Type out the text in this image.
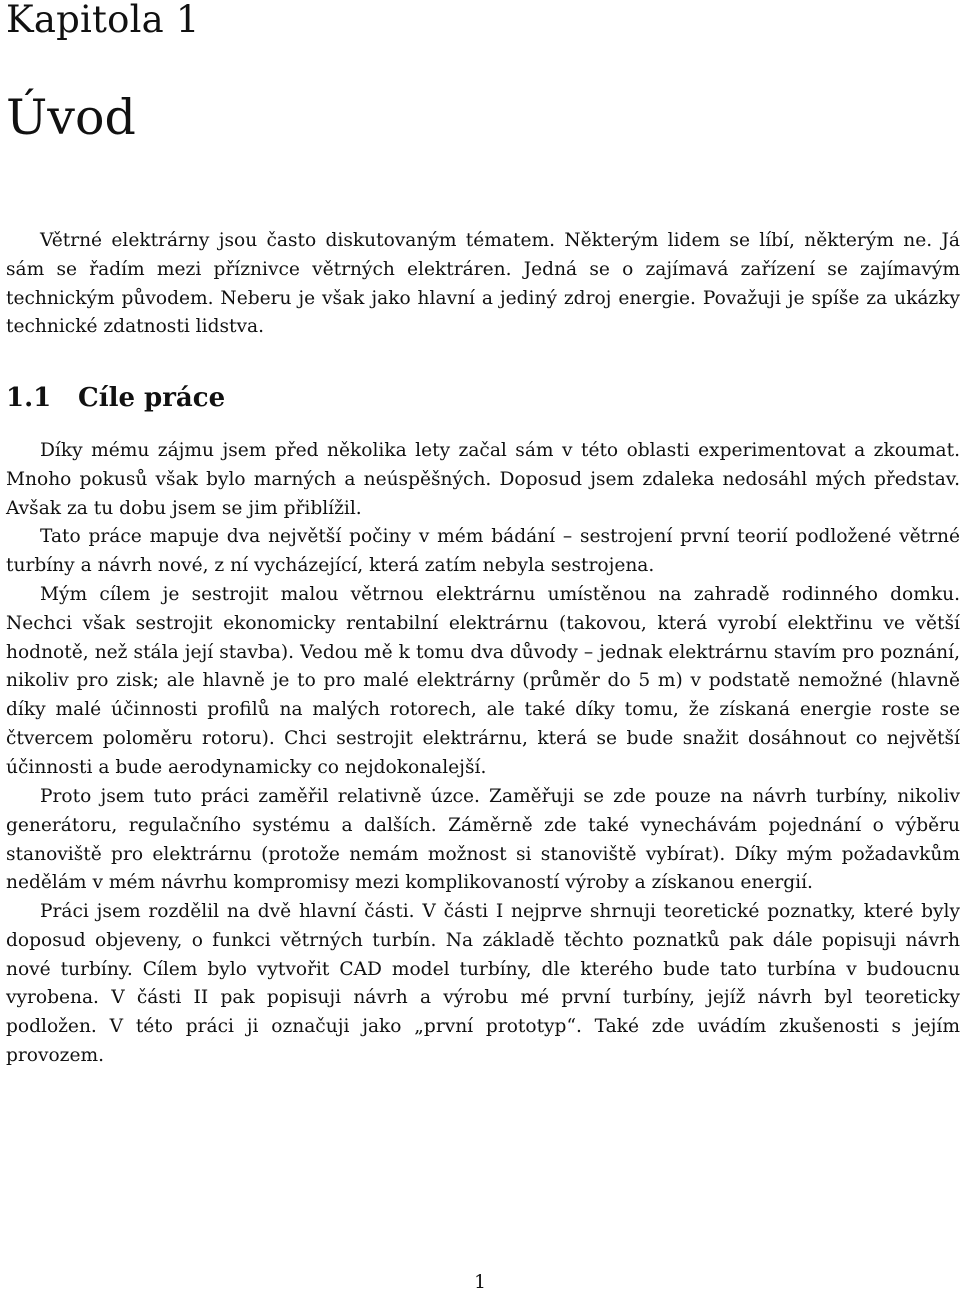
Kapitola 1
Úvod

Větrné elektrárny jsou často diskutovaným tématem. Některým lidem se líbí, některým ne. Já sám se řadím mezi příznivce větrných elektráren. Jedná se o zajímavá zařízení se zajímavým technickým původem. Neberu je však jako hlavní a jediný zdroj energie. Považuji je spíše za ukázky technické zdatnosti lidstva.

1.1 Cíle práce

Díky mému zájmu jsem před několika lety začal sám v této oblasti experimentovat a zkoumat. Mnoho pokusů však bylo marných a neúspěšných. Doposud jsem zdaleka nedosáhl mých představ. Avšak za tu dobu jsem se jim přiblížil.

Tato práce mapuje dva největší počiny v mém bádání – sestrojení první teorií podložené větrné turbíny a návrh nové, z ní vycházející, která zatím nebyla sestrojena.

Mým cílem je sestrojit malou větrnou elektrárnu umístěnou na zahradě rodinného domku. Nechci však sestrojit ekonomicky rentabilní elektrárnu (takovou, která vyrobí elektřinu ve větší hodnotě, než stála její stavba). Vedou mě k tomu dva důvody – jednak elektrárnu stavím pro poznání, nikoliv pro zisk; ale hlavně je to pro malé elektrárny (průměr do 5 m) v podstatě nemožné (hlavně díky malé účinnosti profilů na malých rotorech, ale také díky tomu, že získaná energie roste se čtvercem poloměru rotoru). Chci sestrojit elektrárnu, která se bude snažit dosáhnout co největší účinnosti a bude aerodynamicky co nejdokonalejší.

Proto jsem tuto práci zaměřil relativně úzce. Zaměřuji se zde pouze na návrh turbíny, nikoliv generátoru, regulačního systému a dalších. Záměrně zde také vynechávám pojednání o výběru stanoviště pro elektrárnu (protože nemám možnost si stanoviště vybírat). Díky mým požadavkům nedělám v mém návrhu kompromisy mezi komplikovaností výroby a získanou energií.

Práci jsem rozdělil na dvě hlavní části. V části I nejprve shrnuji teoretické poznatky, které byly doposud objeveny, o funkci větrných turbín. Na základě těchto poznatků pak dále popisuji návrh nové turbíny. Cílem bylo vytvořit CAD model turbíny, dle kterého bude tato turbína v budoucnu vyrobena. V části II pak popisuji návrh a výrobu mé první turbíny, jejíž návrh byl teoreticky podložen. V této práci ji označuji jako „první prototyp“. Také zde uvádím zkušenosti s jejím provozem.

1
